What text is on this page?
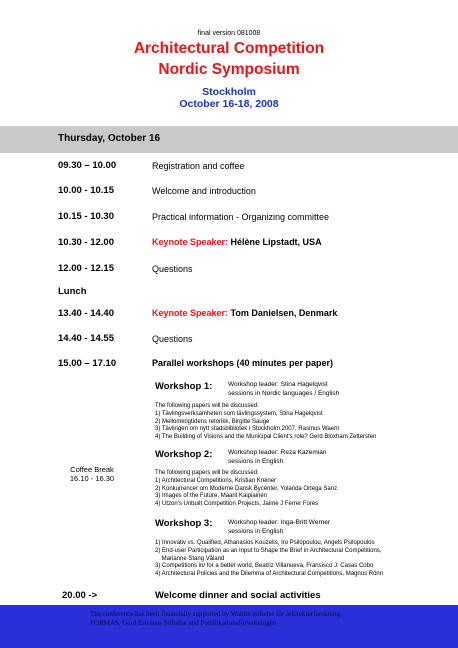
final version 081008
Architectural Competition
Nordic Symposium
Stockholm
October 16-18, 2008
Thursday, October 16
09.30 – 10.00	Registration and coffee
10.00 - 10.15	Welcome and introduction
10.15 - 10.30	Practical information - Organizing committee
10.30 - 12.00	Keynote Speaker: Hélène Lipstadt, USA
12.00 - 12.15	Questions
Lunch
13.40 - 14.40	Keynote Speaker: Tom Danielsen, Denmark
14.40 - 14.55	Questions
15.00 – 17.10	Parallel workshops (40 minutes per paper)
Workshop 1: Workshop leader: Stina Hagelqvist
sessions in Nordic languages / English
The following papers will be discussed:
1) Tävlingsverksamheten som tävlingssystem, Stina Hagelqvist
2) Mellomkrigtidens retorikk, Birgitte Sauge
3) Tävlingen om nytt stadsbibliotek i Stockholm 2007, Rasmus Waern
4) The Building of Visions and the Municipal Client's role? Gerd Bloxham Zettersten
Workshop 2: Workshop leader: Reza Kazemian
sessions in English
The following papers will be discussed:
1) Architectural Competitions, Kristian Kreiner
2) Konkurrencer om Moderne Dansk Bycenter, Yolanda Ortega Sanz
3) Images of the Future, Maarit Kaipiainen
4) Utzon's Unbuilt Competition Projects, Jaime J Ferrer Forés
Coffee Break
16.10 - 16.30
Workshop 3: Workshop leader: Ingа-Britt Werner
sessions in English
1) Innovativ vs. Qualified, Athanasios Kouzelis, Iro Psilopoulou, Angels Psilopoulos
2) End-user Participation as an Input to Shape the Brief in Architectural Competitions,
Marianne Stang Våland
3) Competitions in/ for a better world, Beatriz Villanueva, Fransisco J. Casas Cobo
4) Architectural Policies and the Dilemma of Architectural Competitions, Magnus Rönn
20.00 ->	Welcome dinner and social activities
The conference has been financially supported by Wahlin stiftelse för arkitekturforskning,
FORMAS, Gerd Ericsons Stiftelse and Fortifikationsförvaltningen
